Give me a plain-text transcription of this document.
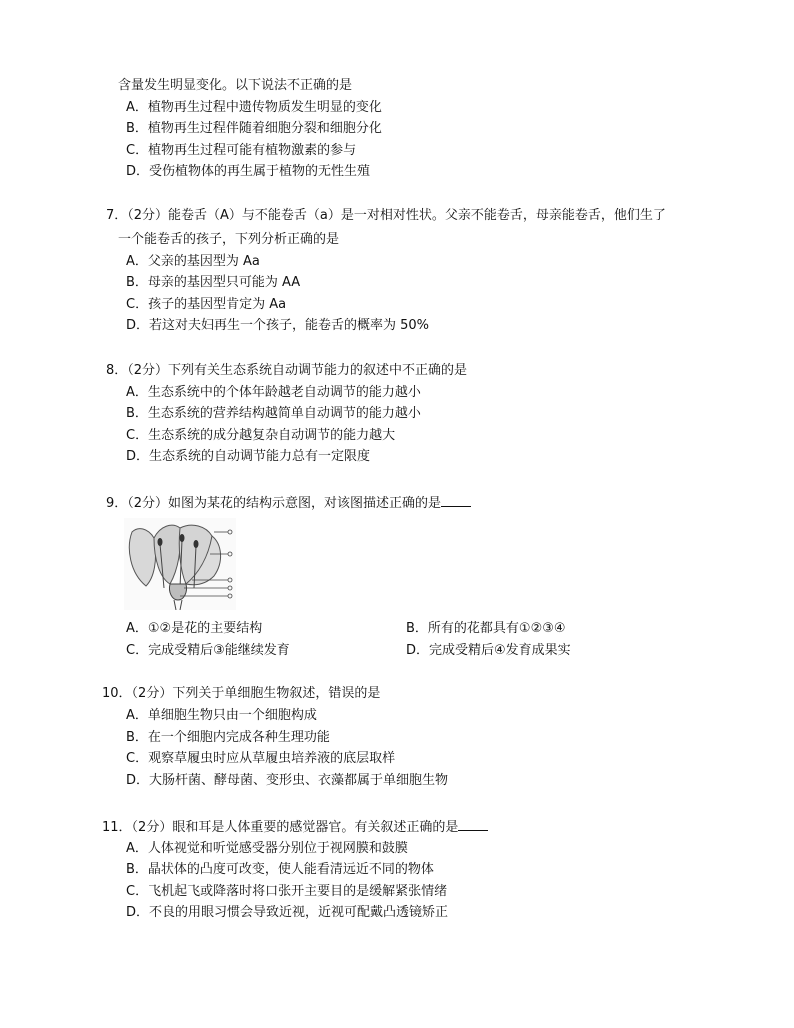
含量发生明显变化。以下说法不正确的是
A．植物再生过程中遗传物质发生明显的变化
B．植物再生过程伴随着细胞分裂和细胞分化
C．植物再生过程可能有植物激素的参与
D．受伤植物体的再生属于植物的无性生殖
7．（2分）能卷舌（A）与不能卷舌（a）是一对相对性状。父亲不能卷舌，母亲能卷舌，他们生了
一个能卷舌的孩子，下列分析正确的是
A．父亲的基因型为 Aa
B．母亲的基因型只可能为 AA
C．孩子的基因型肯定为 Aa
D．若这对夫妇再生一个孩子，能卷舌的概率为 50%
8．（2分）下列有关生态系统自动调节能力的叙述中不正确的是
A．生态系统中的个体年龄越老自动调节的能力越小
B．生态系统的营养结构越简单自动调节的能力越小
C．生态系统的成分越复杂自动调节的能力越大
D．生态系统的自动调节能力总有一定限度
9．（2分）如图为某花的结构示意图，对该图描述正确的是
A．①②是花的主要结构	B．所有的花都具有①②③④
C．完成受精后③能继续发育	D．完成受精后④发育成果实
10．（2分）下列关于单细胞生物叙述，错误的是
A．单细胞生物只由一个细胞构成
B．在一个细胞内完成各种生理功能
C．观察草履虫时应从草履虫培养液的底层取样
D．大肠杆菌、酵母菌、变形虫、衣藻都属于单细胞生物
11．（2分）眼和耳是人体重要的感觉器官。有关叙述正确的是
A．人体视觉和听觉感受器分别位于视网膜和鼓膜
B．晶状体的凸度可改变，使人能看清远近不同的物体
C．飞机起飞或降落时将口张开主要目的是缓解紧张情绪
D．不良的用眼习惯会导致近视，近视可配戴凸透镜矫正
